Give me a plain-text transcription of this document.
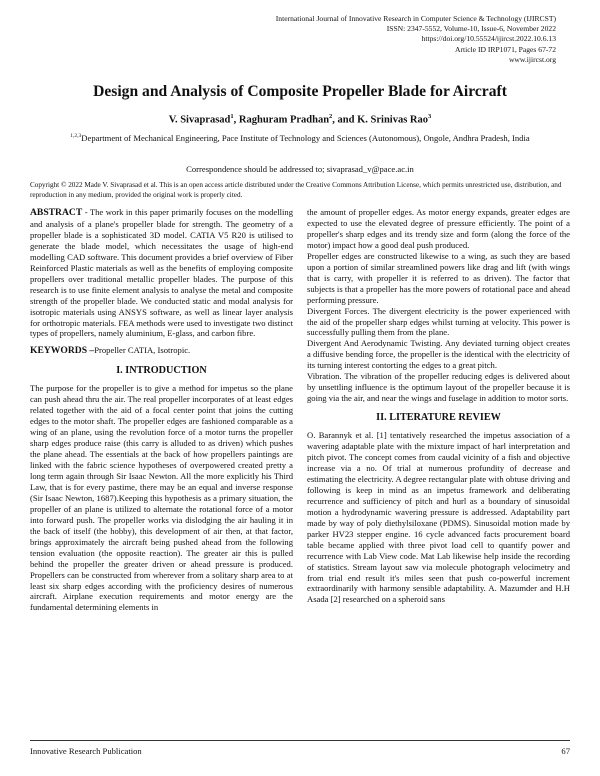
International Journal of Innovative Research in Computer Science & Technology (IJIRCST)
ISSN: 2347-5552, Volume-10, Issue-6, November 2022
https://doi.org/10.55524/ijircst.2022.10.6.13
Article ID IRP1071, Pages 67-72
www.ijircst.org
Design and Analysis of Composite Propeller Blade for Aircraft
V. Sivaprasad$^1$, Raghuram Pradhan$^2$, and K. Srinivas Rao$^3$
$^{1,2,3}$Department of Mechanical Engineering, Pace Institute of Technology and Sciences (Autonomous), Ongole, Andhra Pradesh, India
Correspondence should be addressed to; sivaprasad_v@pace.ac.in
Copyright © 2022 Made V. Sivaprasad et al. This is an open access article distributed under the Creative Commons Attribution License, which permits unrestricted use, distribution, and reproduction in any medium, provided the original work is properly cited.

ABSTRACT - The work in this paper primarily focuses on the modelling and analysis of a plane's propeller blade for strength. The geometry of a propeller blade is a sophisticated 3D model. CATIA V5 R20 is utilised to generate the blade model, which necessitates the usage of high-end modelling CAD software. This document provides a brief overview of Fiber Reinforced Plastic materials as well as the benefits of employing composite propellers over traditional metallic propeller blades. The purpose of this research is to use finite element analysis to analyse the metal and composite strength of the propeller blade. We conducted static and modal analysis for isotropic materials using ANSYS software, as well as linear layer analysis for orthotropic materials. FEA methods were used to investigate two distinct types of propellers, namely aluminium, E-glass, and carbon fibre.

KEYWORDS –Propeller CATIA, Isotropic.

I. INTRODUCTION

The purpose for the propeller is to give a method for impetus so the plane can push ahead thru the air. The real propeller incorporates of at least edges related together with the aid of a focal center point that joins the cutting edges to the motor shaft. The propeller edges are fashioned comparable as a wing of an plane, using the revolution force of a motor turns the propeller sharp edges produce raise (this carry is alluded to as driven) which pushes the plane ahead. The essentials at the back of how propellers paintings are linked with the fabric science hypotheses of overpowered created pretty a long term again through Sir Isaac Newton. All the more explicitly his Third Law, that is for every pastime, there may be an equal and inverse response (Sir Isaac Newton, 1687).Keeping this hypothesis as a primary situation, the propeller of an plane is utilized to alternate the rotational force of a motor into forward push. The propeller works via dislodging the air hauling it in the back of itself (the hobby), this development of air then, at that factor, brings approximately the aircraft being pushed ahead from the following tension evaluation (the opposite reaction). The greater air this is pulled behind the propeller the greater driven or ahead pressure is produced. Propellers can be constructed from wherever from a solitary sharp area to at least six sharp edges according with the proficiency desires of numerous aircraft. Airplane execution requirements and motor energy are the fundamental determining elements in

the amount of propeller edges. As motor energy expands, greater edges are expected to use the elevated degree of pressure efficiently. The point of a propeller's sharp edges and its trendy size and form (along the force of the motor) impact how a good deal push produced.

Propeller edges are constructed likewise to a wing, as such they are based upon a portion of similar streamlined powers like drag and lift (with wings that is carry, with propeller it is referred to as driven). The factor that subjects is that a propeller has the more powers of rotational pace and ahead performing pressure.

Divergent Forces. The divergent electricity is the power experienced with the aid of the propeller sharp edges whilst turning at velocity. This power is successfully pulling them from the plane.

Divergent And Aerodynamic Twisting. Any deviated turning object creates a diffusive bending force, the propeller is the identical with the electricity of its turning interest contorting the edges to a great pitch.

Vibration. The vibration of the propeller reducing edges is delivered about by unsettling influence is the optimum layout of the propeller because it is going via the air, and near the wings and fuselage in addition to motor sorts.

II. LITERATURE REVIEW

O. Barannyk et al. [1] tentatively researched the impetus association of a wavering adaptable plate with the mixture impact of harl interpretation and pitch pivot. The concept comes from caudal vicinity of a fish and objective increase via a no. Of trial at numerous profundity of decrease and estimating the electricity. A degree rectangular plate with obtuse driving and following is keep in mind as an impetus framework and deliberating recurrence and sufficiency of pitch and hurl as a boundary of sinusoidal motion a hydrodynamic wavering pressure is addressed. Adaptability part made by way of poly diethylsiloxane (PDMS). Sinusoidal motion made by parker HV23 stepper engine. 16 cycle advanced facts procurement board table became applied with three pivot load cell to quantify power and recurrence with Lab View code. Mat Lab likewise help inside the recording of statistics. Stream layout saw via molecule photograph velocimetry and from trial end result it's miles seen that push co-powerful increment extraordinarily with harmony sensible adaptability. A. Mazumder and H.H Asada [2] researched on a spheroid sans

Innovative Research Publication	67
